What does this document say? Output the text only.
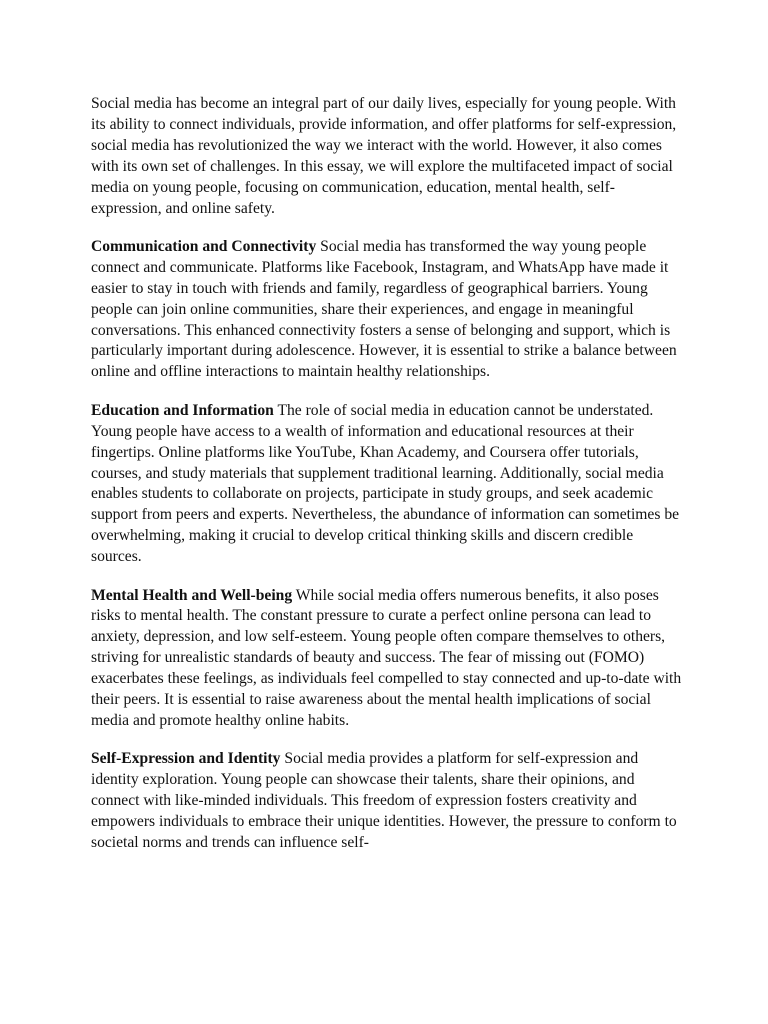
Social media has become an integral part of our daily lives, especially for young people. With its ability to connect individuals, provide information, and offer platforms for self-expression, social media has revolutionized the way we interact with the world. However, it also comes with its own set of challenges. In this essay, we will explore the multifaceted impact of social media on young people, focusing on communication, education, mental health, self-expression, and online safety.

Communication and Connectivity Social media has transformed the way young people connect and communicate. Platforms like Facebook, Instagram, and WhatsApp have made it easier to stay in touch with friends and family, regardless of geographical barriers. Young people can join online communities, share their experiences, and engage in meaningful conversations. This enhanced connectivity fosters a sense of belonging and support, which is particularly important during adolescence. However, it is essential to strike a balance between online and offline interactions to maintain healthy relationships.

Education and Information The role of social media in education cannot be understated. Young people have access to a wealth of information and educational resources at their fingertips. Online platforms like YouTube, Khan Academy, and Coursera offer tutorials, courses, and study materials that supplement traditional learning. Additionally, social media enables students to collaborate on projects, participate in study groups, and seek academic support from peers and experts. Nevertheless, the abundance of information can sometimes be overwhelming, making it crucial to develop critical thinking skills and discern credible sources.

Mental Health and Well-being While social media offers numerous benefits, it also poses risks to mental health. The constant pressure to curate a perfect online persona can lead to anxiety, depression, and low self-esteem. Young people often compare themselves to others, striving for unrealistic standards of beauty and success. The fear of missing out (FOMO) exacerbates these feelings, as individuals feel compelled to stay connected and up-to-date with their peers. It is essential to raise awareness about the mental health implications of social media and promote healthy online habits.

Self-Expression and Identity Social media provides a platform for self-expression and identity exploration. Young people can showcase their talents, share their opinions, and connect with like-minded individuals. This freedom of expression fosters creativity and empowers individuals to embrace their unique identities. However, the pressure to conform to societal norms and trends can influence self-
